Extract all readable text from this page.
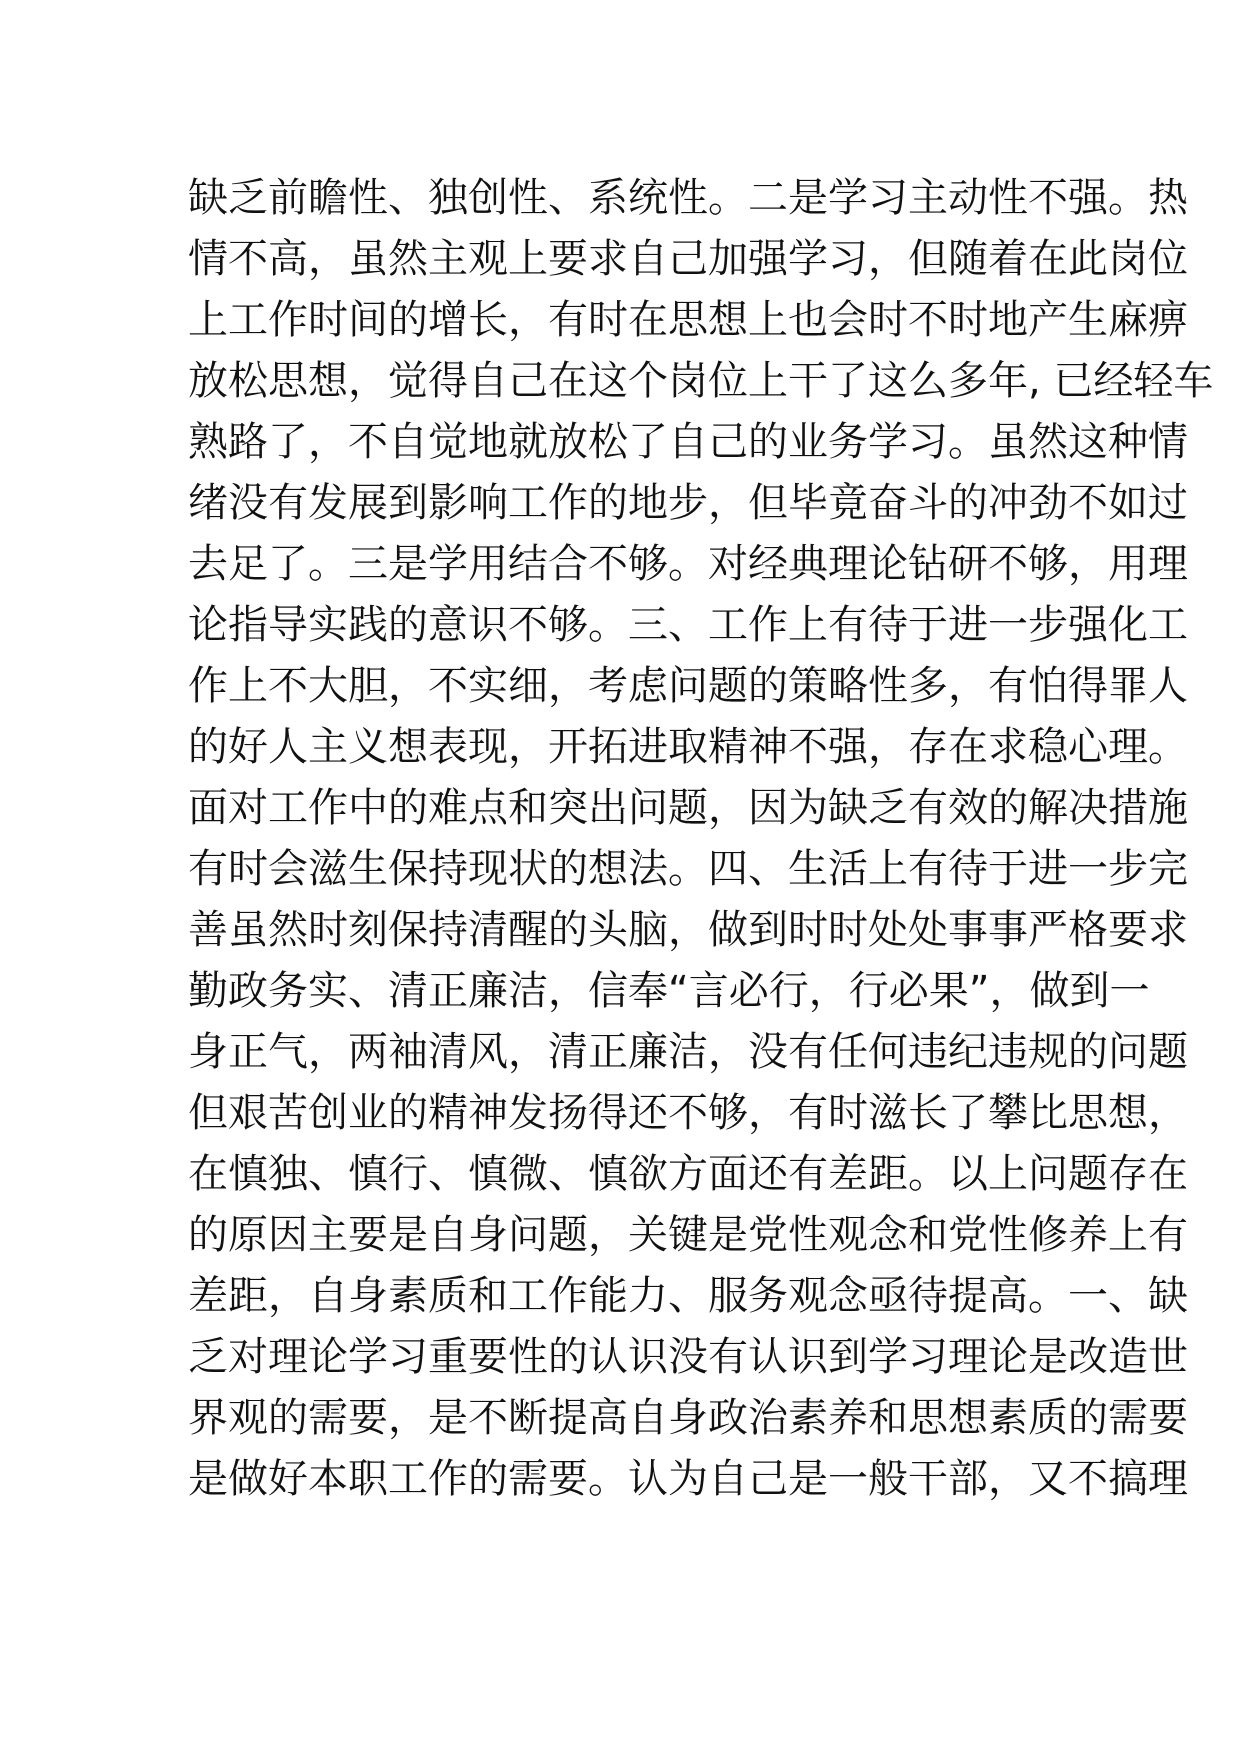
缺乏前瞻性、独创性、系统性。二是学习主动性不强。热
情不高，虽然主观上要求自己加强学习，但随着在此岗位
上工作时间的增长，有时在思想上也会时不时地产生麻痹
放松思想，觉得自己在这个岗位上干了这么多年, 已经轻车
熟路了，不自觉地就放松了自己的业务学习。虽然这种情
绪没有发展到影响工作的地步，但毕竟奋斗的冲劲不如过
去足了。三是学用结合不够。对经典理论钻研不够，用理
论指导实践的意识不够。三、工作上有待于进一步强化工
作上不大胆，不实细，考虑问题的策略性多，有怕得罪人
的好人主义想表现，开拓进取精神不强，存在求稳心理。
面对工作中的难点和突出问题，因为缺乏有效的解决措施
有时会滋生保持现状的想法。四、生活上有待于进一步完
善虽然时刻保持清醒的头脑，做到时时处处事事严格要求
勤政务实、清正廉洁，信奉“言必行，行必果”，做到一
身正气，两袖清风，清正廉洁，没有任何违纪违规的问题
但艰苦创业的精神发扬得还不够，有时滋长了攀比思想，
在慎独、慎行、慎微、慎欲方面还有差距。以上问题存在
的原因主要是自身问题，关键是党性观念和党性修养上有
差距，自身素质和工作能力、服务观念亟待提高。一、缺
乏对理论学习重要性的认识没有认识到学习理论是改造世
界观的需要，是不断提高自身政治素养和思想素质的需要
是做好本职工作的需要。认为自己是一般干部，又不搞理
